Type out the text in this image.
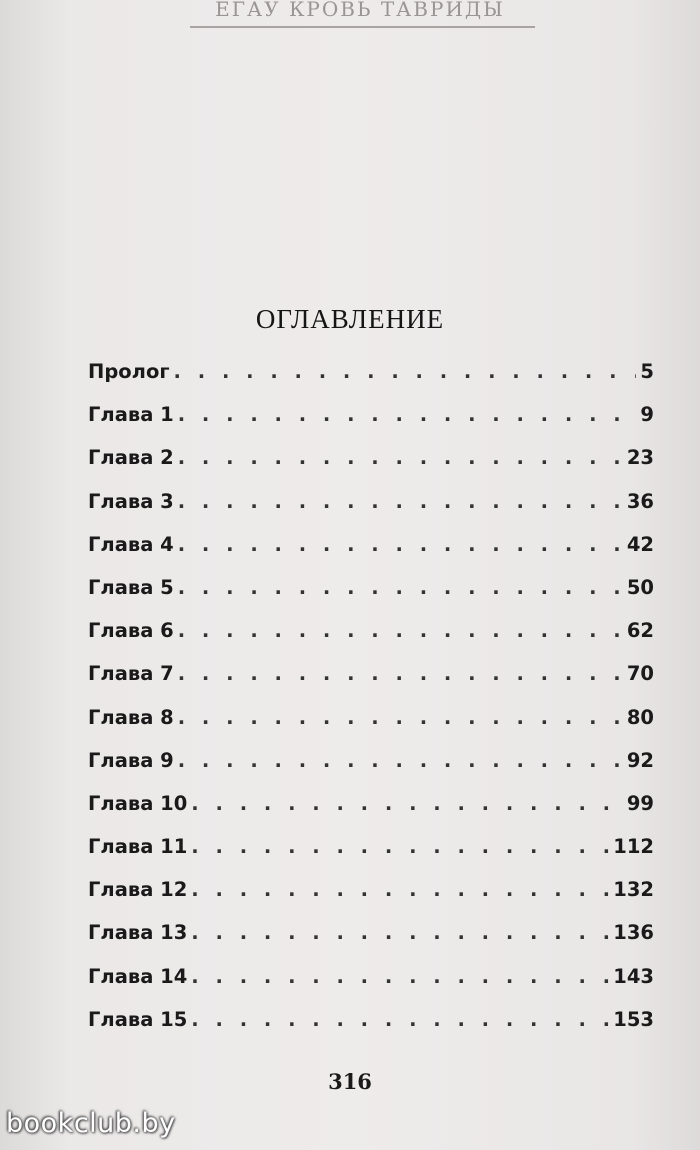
ЕГАУ КРОВЬ ТАВРИДЫ
ОГЛАВЛЕНИЕ
Пролог . . .	5
Глава 1 . . .	9
Глава 2 . . .	23
Глава 3 . . .	36
Глава 4 . . .	42
Глава 5 . . .	50
Глава 6 . . .	62
Глава 7 . . .	70
Глава 8 . . .	80
Глава 9 . . .	92
Глава 10 . . .	99
Глава 11 . . .	112
Глава 12 . . .	132
Глава 13 . . .	136
Глава 14 . . .	143
Глава 15 . . .	153
316
bookclub.by
